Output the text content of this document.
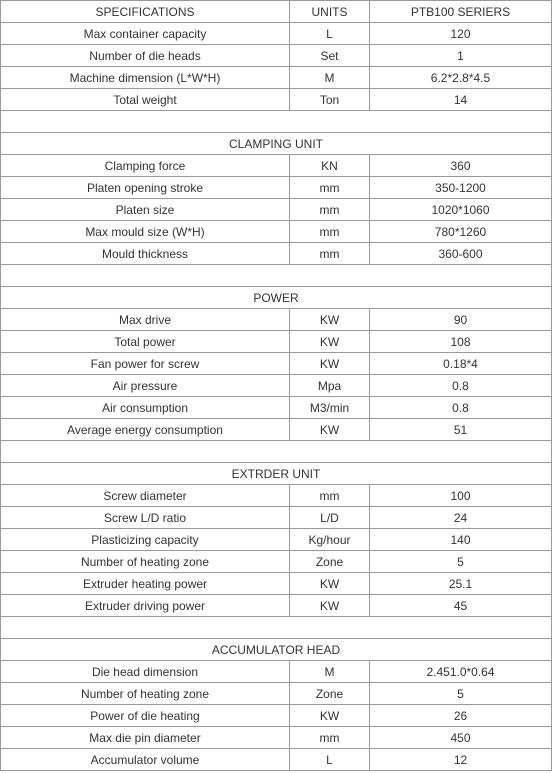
SPECIFICATIONS	UNITS	PTB100 SERIERS
Max container capacity	L	120
Number of die heads	Set	1
Machine dimension (L*W*H)	M	6.2*2.8*4.5
Total weight	Ton	14

CLAMPING UNIT		
Clamping force	KN	360
Platen opening stroke	mm	350-1200
Platen size	mm	1020*1060
Max mould size (W*H)	mm	780*1260
Mould thickness	mm	360-600

POWER		
Max drive	KW	90
Total power	KW	108
Fan power for screw	KW	0.18*4
Air pressure	Mpa	0.8
Air consumption	M3/min	0.8
Average energy consumption	KW	51

EXTRDER UNIT		
Screw diameter	mm	100
Screw L/D ratio	L/D	24
Plasticizing capacity	Kg/hour	140
Number of heating zone	Zone	5
Extruder heating power	KW	25.1
Extruder driving power	KW	45

ACCUMULATOR HEAD		
Die head dimension	M	2.451.0*0.64
Number of heating zone	Zone	5
Power of die heating	KW	26
Max die pin diameter	mm	450
Accumulator volume	L	12
